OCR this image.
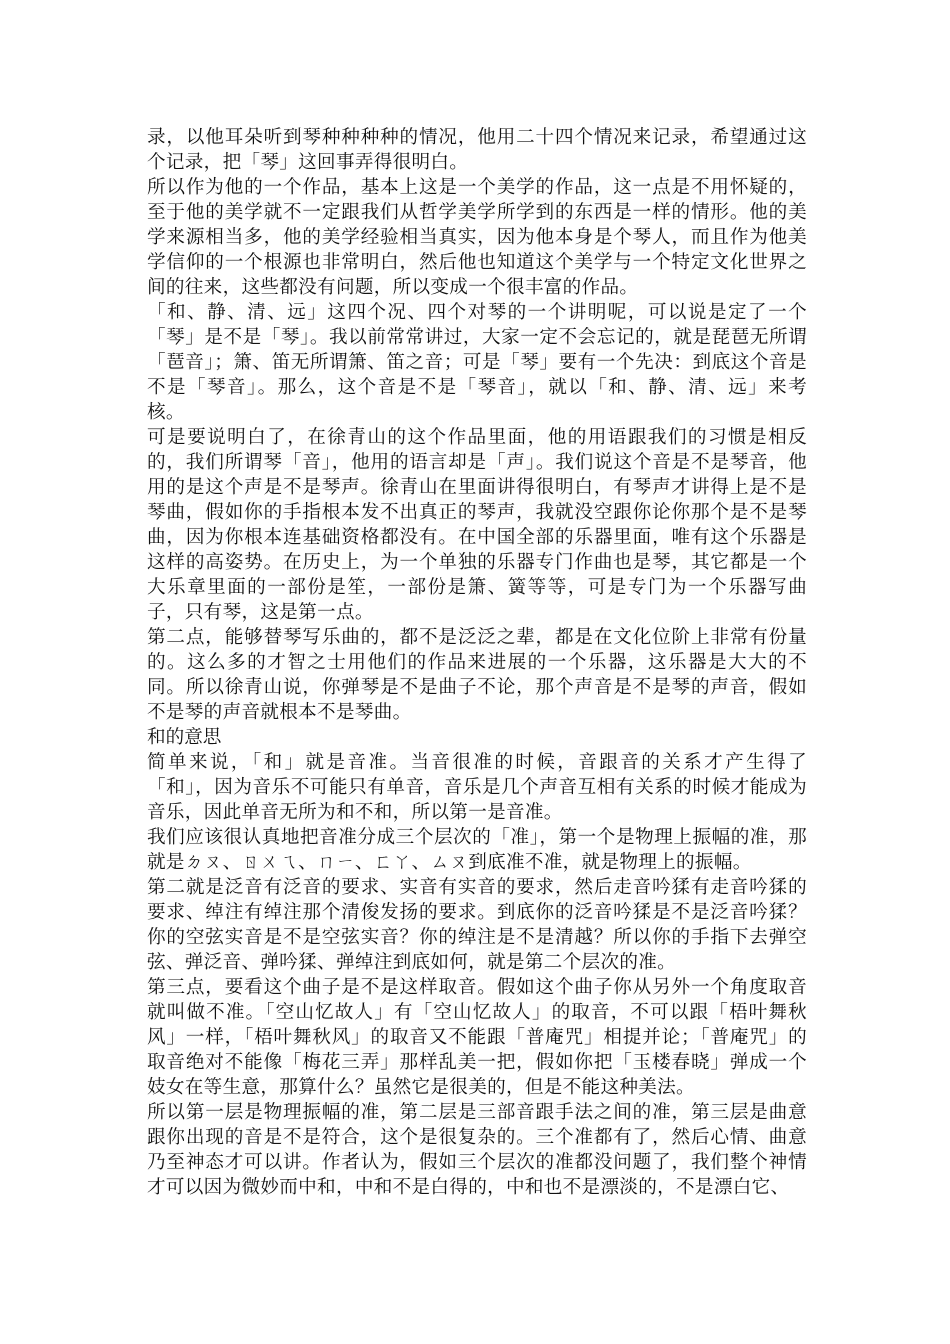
录，以他耳朵听到琴种种种种的情况，他用二十四个情况来记录，希望通过这个记录，把「琴」这回事弄得很明白。

所以作为他的一个作品，基本上这是一个美学的作品，这一点是不用怀疑的，至于他的美学就不一定跟我们从哲学美学所学到的东西是一样的情形。他的美学来源相当多，他的美学经验相当真实，因为他本身是个琴人，而且作为他美学信仰的一个根源也非常明白，然后他也知道这个美学与一个特定文化世界之间的往来，这些都没有问题，所以变成一个很丰富的作品。

「和、静、清、远」这四个况、四个对琴的一个讲明呢，可以说是定了一个「琴」是不是「琴」。我以前常常讲过，大家一定不会忘记的，就是琵琶无所谓「琶音」；箫、笛无所谓箫、笛之音；可是「琴」要有一个先决：到底这个音是不是「琴音」。那么，这个音是不是「琴音」，就以「和、静、清、远」来考核。

可是要说明白了，在徐青山的这个作品里面，他的用语跟我们的习惯是相反的，我们所谓琴「音」，他用的语言却是「声」。我们说这个音是不是琴音，他用的是这个声是不是琴声。徐青山在里面讲得很明白，有琴声才讲得上是不是琴曲，假如你的手指根本发不出真正的琴声，我就没空跟你论你那个是不是琴曲，因为你根本连基础资格都没有。在中国全部的乐器里面，唯有这个乐器是这样的高姿势。在历史上，为一个单独的乐器专门作曲也是琴，其它都是一个大乐章里面的一部份是笙，一部份是箫、簧等等，可是专门为一个乐器写曲子，只有琴，这是第一点。

第二点，能够替琴写乐曲的，都不是泛泛之辈，都是在文化位阶上非常有份量的。这么多的才智之士用他们的作品来进展的一个乐器，这乐器是大大的不同。所以徐青山说，你弹琴是不是曲子不论，那个声音是不是琴的声音，假如不是琴的声音就根本不是琴曲。

和的意思

简单来说，「和」就是音准。当音很准的时候，音跟音的关系才产生得了「和」，因为音乐不可能只有单音，音乐是几个声音互相有关系的时候才能成为音乐，因此单音无所为和不和，所以第一是音准。

我们应该很认真地把音准分成三个层次的「准」，第一个是物理上振幅的准，那就是ㄉㄡ、ㄖㄨㄟ、ㄇㄧ、ㄈㄚ、ㄙㄡ到底准不准，就是物理上的振幅。

第二就是泛音有泛音的要求、实音有实音的要求，然后走音吟猱有走音吟猱的要求、绰注有绰注那个清俊发扬的要求。到底你的泛音吟猱是不是泛音吟猱？你的空弦实音是不是空弦实音？你的绰注是不是清越？所以你的手指下去弹空弦、弹泛音、弹吟猱、弹绰注到底如何，就是第二个层次的准。

第三点，要看这个曲子是不是这样取音。假如这个曲子你从另外一个角度取音就叫做不准。「空山忆故人」有「空山忆故人」的取音，不可以跟「梧叶舞秋风」一样，「梧叶舞秋风」的取音又不能跟「普庵咒」相提并论；「普庵咒」的取音绝对不能像「梅花三弄」那样乱美一把，假如你把「玉楼春晓」弹成一个妓女在等生意，那算什么？虽然它是很美的，但是不能这种美法。

所以第一层是物理振幅的准，第二层是三部音跟手法之间的准，第三层是曲意跟你出现的音是不是符合，这个是很复杂的。三个准都有了，然后心情、曲意乃至神态才可以讲。作者认为，假如三个层次的准都没问题了，我们整个神情才可以因为微妙而中和，中和不是白得的，中和也不是漂淡的，不是漂白它、
